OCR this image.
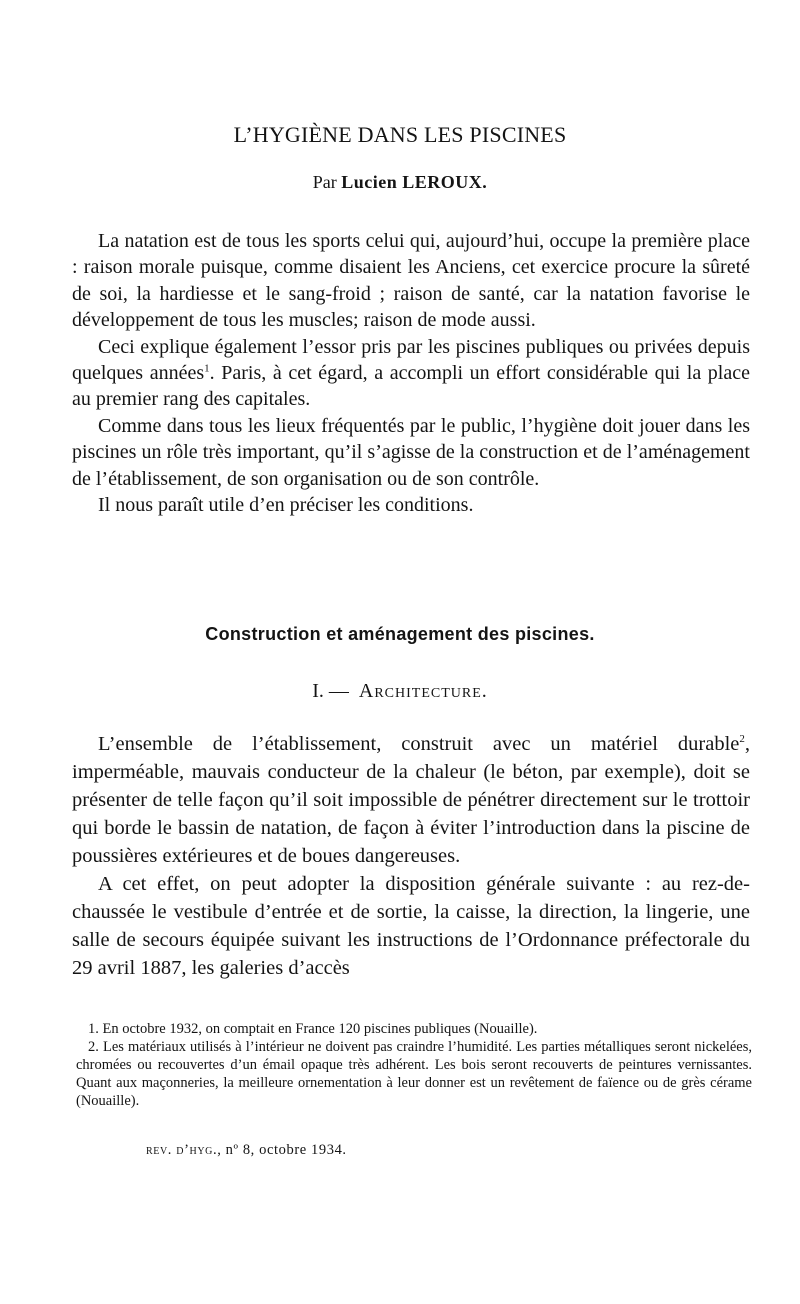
L’HYGIÈNE DANS LES PISCINES
Par Lucien LEROUX.

La natation est de tous les sports celui qui, aujourd’hui, occupe la première place : raison morale puisque, comme disaient les Anciens, cet exercice procure la sûreté de soi, la hardiesse et le sang-froid ; raison de santé, car la natation favorise le développement de tous les muscles; raison de mode aussi.

Ceci explique également l’essor pris par les piscines publiques ou privées depuis quelques années$^1$. Paris, à cet égard, a accompli un effort considérable qui la place au premier rang des capitales.

Comme dans tous les lieux fréquentés par le public, l’hygiène doit jouer dans les piscines un rôle très important, qu’il s’agisse de la construction et de l’aménagement de l’établissement, de son organisation ou de son contrôle.

Il nous paraît utile d’en préciser les conditions.

Construction et aménagement des piscines.
I. — Architecture.

L’ensemble de l’établissement, construit avec un matériel durable$^2$, imperméable, mauvais conducteur de la chaleur (le béton, par exemple), doit se présenter de telle façon qu’il soit impossible de pénétrer directement sur le trottoir qui borde le bassin de natation, de façon à éviter l’introduction dans la piscine de poussières extérieures et de boues dangereuses.

A cet effet, on peut adopter la disposition générale suivante : au rez-de-chaussée le vestibule d’entrée et de sortie, la caisse, la direction, la lingerie, une salle de secours équipée suivant les instructions de l’Ordonnance préfectorale du 29 avril 1887, les galeries d’accès

1. En octobre 1932, on comptait en France 120 piscines publiques (Nouaille).

2. Les matériaux utilisés à l’intérieur ne doivent pas craindre l’humidité. Les parties métalliques seront nickelées, chromées ou recouvertes d’un émail opaque très adhérent. Les bois seront recouverts de peintures vernissantes. Quant aux maçonneries, la meilleure ornementation à leur donner est un revêtement de faïence ou de grès cérame (Nouaille).

rev. d’hyg., nº 8, octobre 1934.
